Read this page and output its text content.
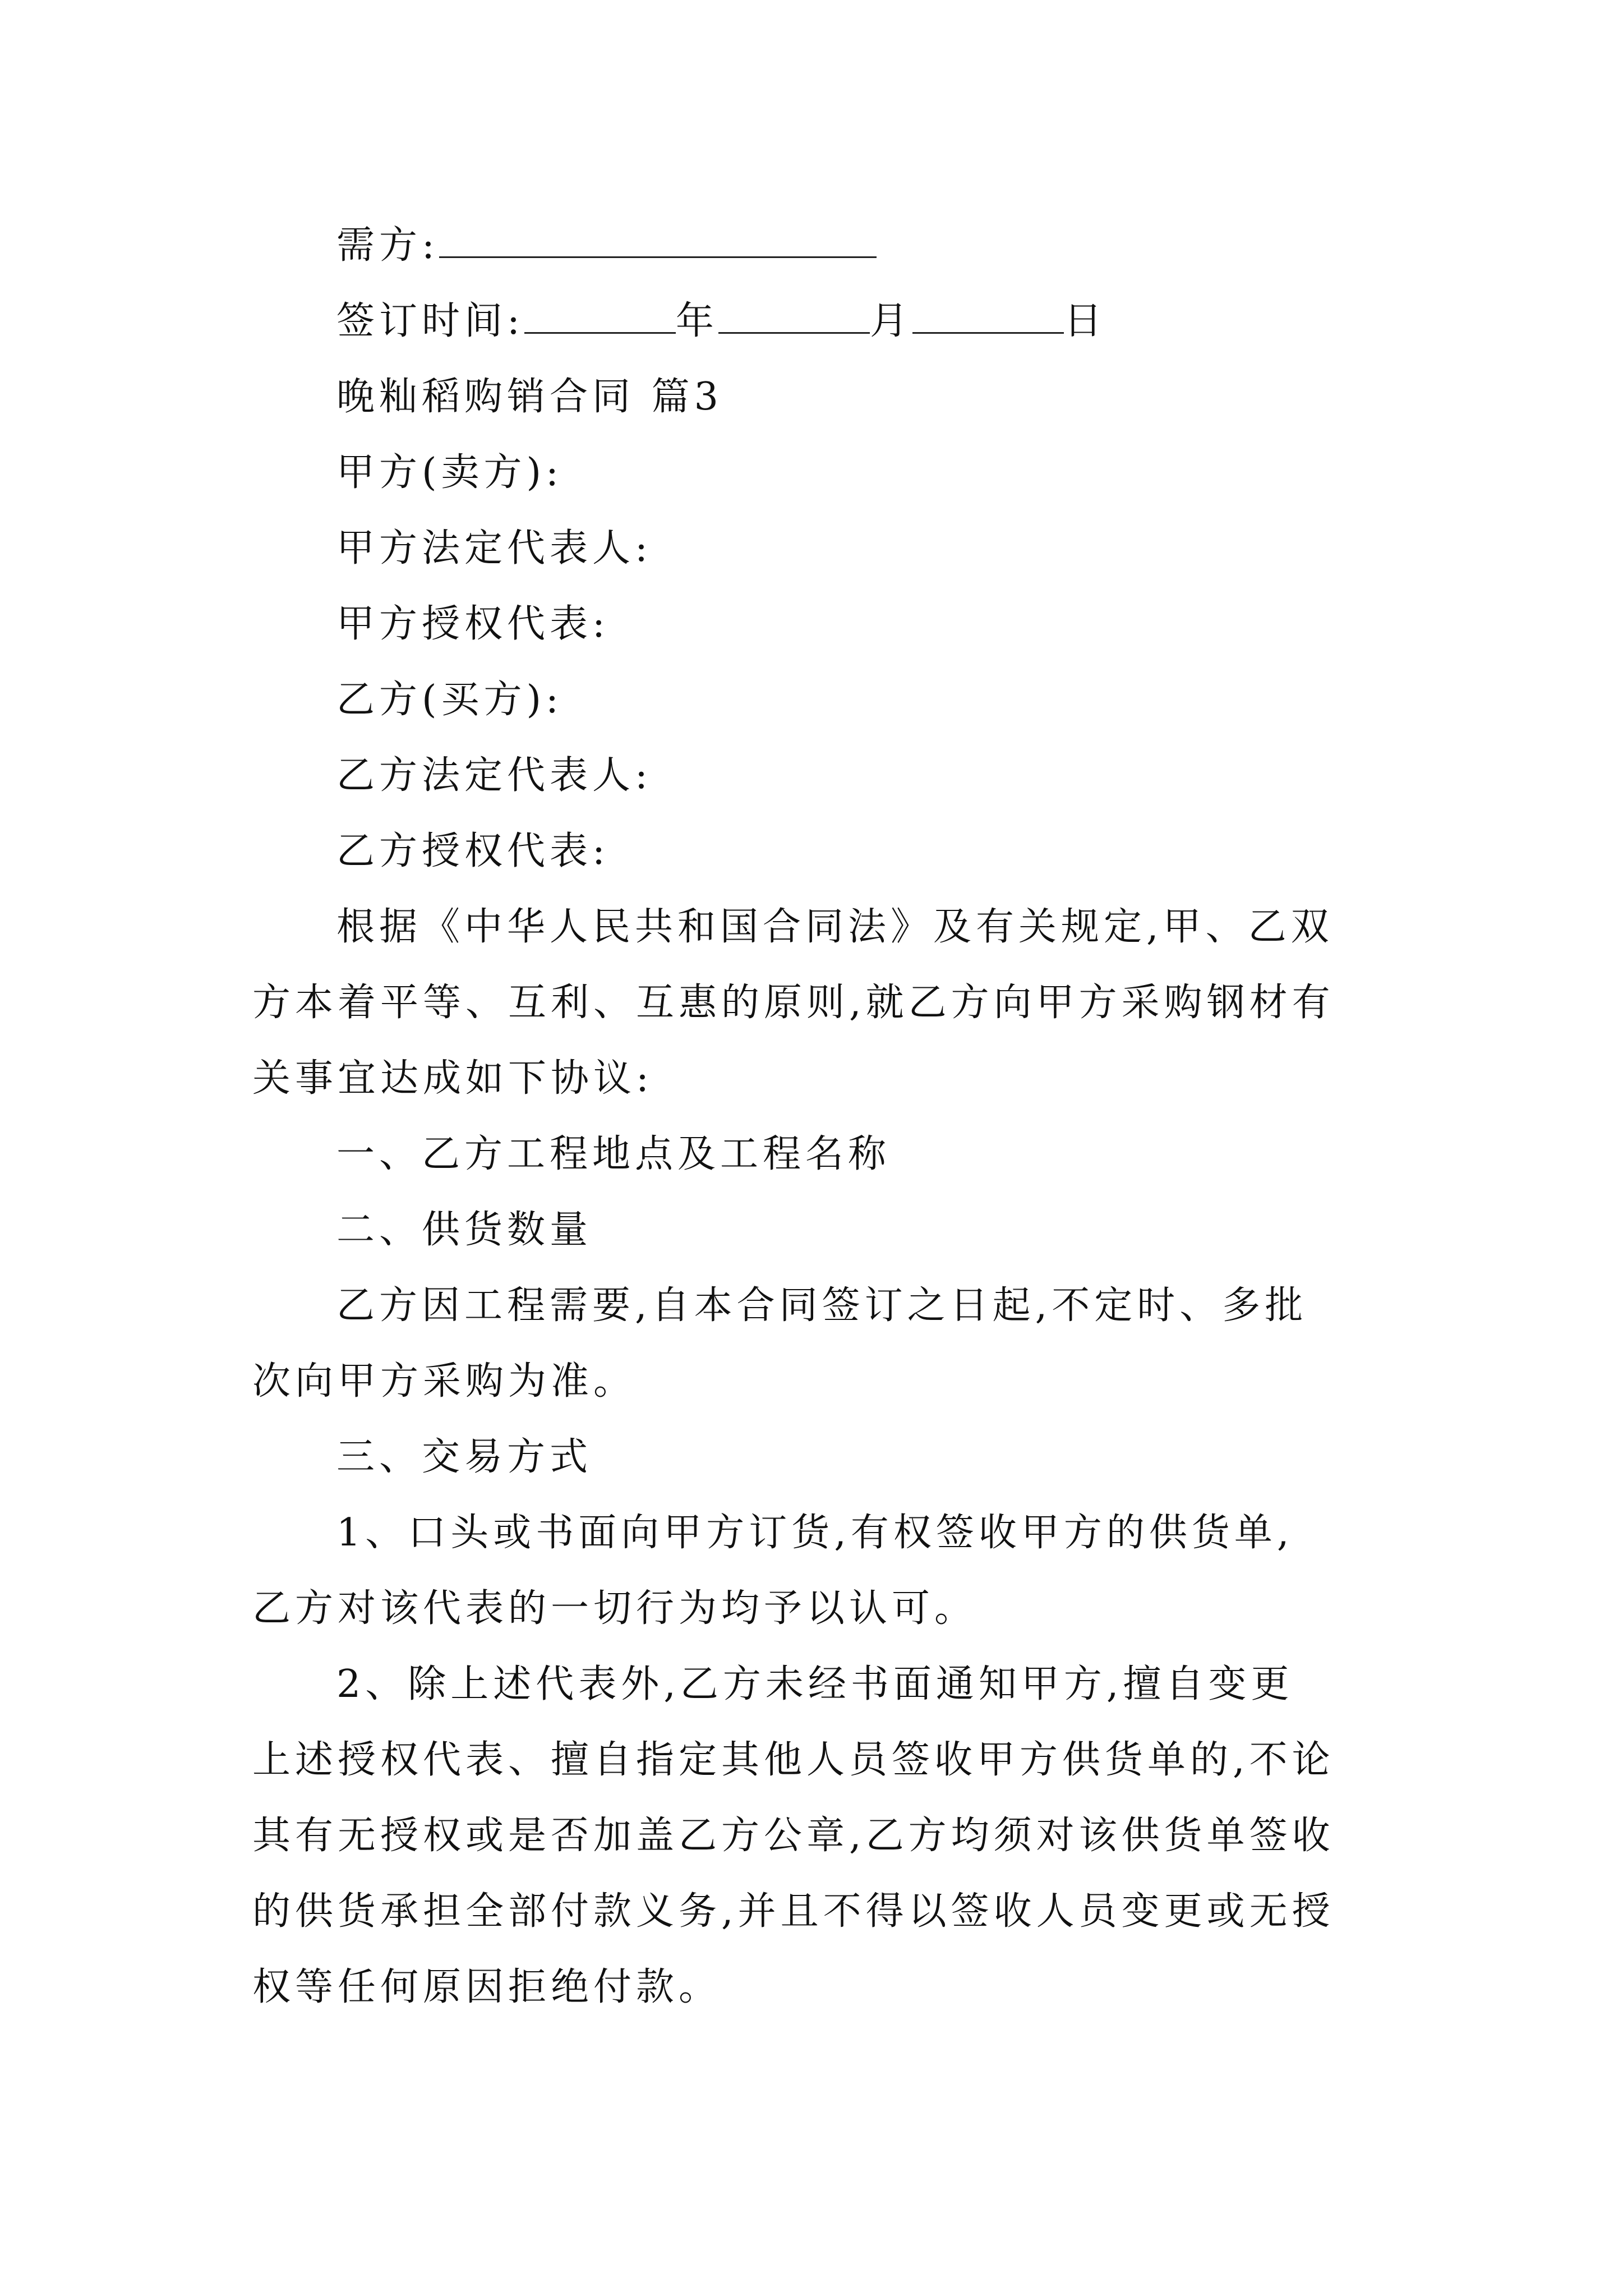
需方:
签订时间:	年	月	日
晚籼稻购销合同 篇3
甲方(卖方):
甲方法定代表人:
甲方授权代表:
乙方(买方):
乙方法定代表人:
乙方授权代表:
根据《中华人民共和国合同法》及有关规定,甲、乙双
方本着平等、互利、互惠的原则,就乙方向甲方采购钢材有
关事宜达成如下协议:
一、乙方工程地点及工程名称
二、供货数量
乙方因工程需要,自本合同签订之日起,不定时、多批
次向甲方采购为准。
三、交易方式
1、口头或书面向甲方订货,有权签收甲方的供货单,
乙方对该代表的一切行为均予以认可。
2、除上述代表外,乙方未经书面通知甲方,擅自变更
上述授权代表、擅自指定其他人员签收甲方供货单的,不论
其有无授权或是否加盖乙方公章,乙方均须对该供货单签收
的供货承担全部付款义务,并且不得以签收人员变更或无授
权等任何原因拒绝付款。
